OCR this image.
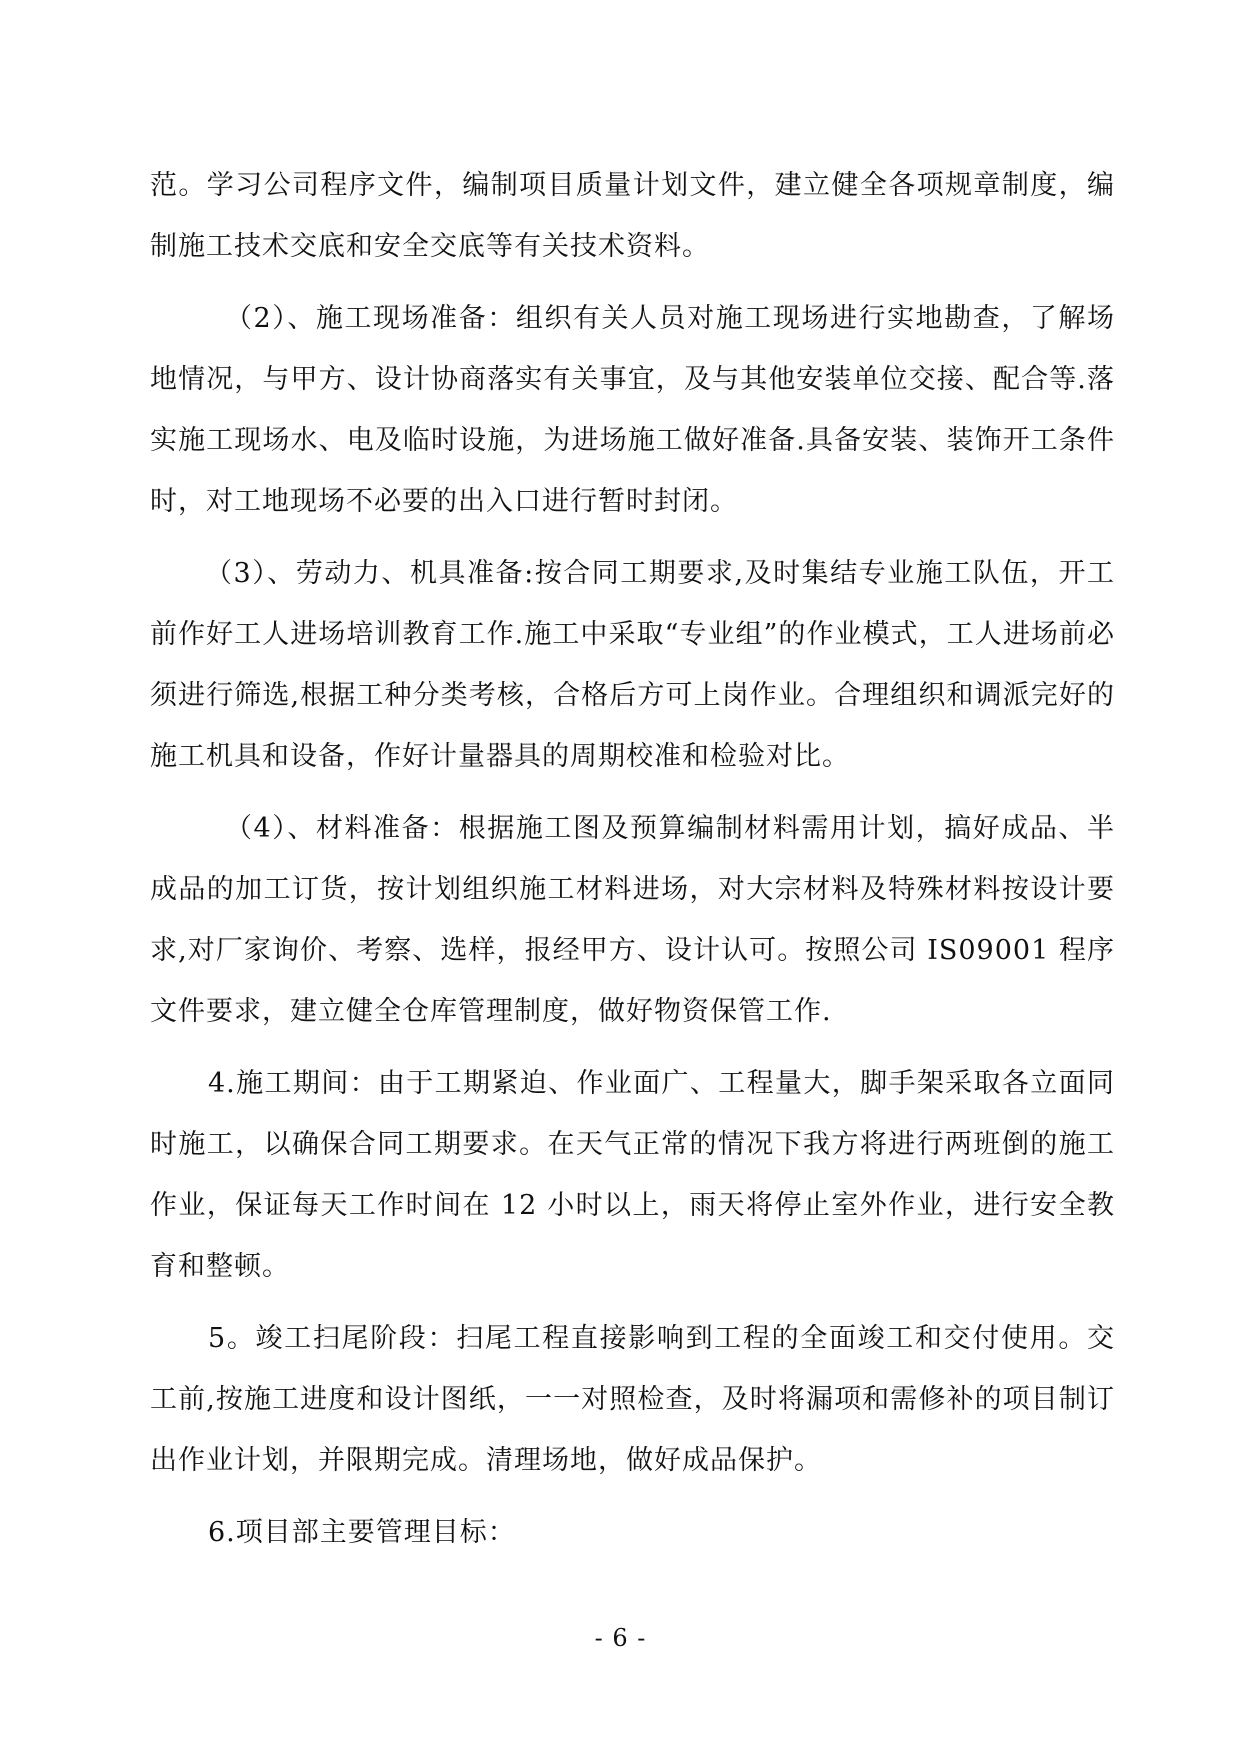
范。学习公司程序文件，编制项目质量计划文件，建立健全各项规章制度，编制施工技术交底和安全交底等有关技术资料。

（2）、施工现场准备：组织有关人员对施工现场进行实地勘查，了解场地情况，与甲方、设计协商落实有关事宜，及与其他安装单位交接、配合等.落实施工现场水、电及临时设施，为进场施工做好准备.具备安装、装饰开工条件时，对工地现场不必要的出入口进行暂时封闭。

（3）、劳动力、机具准备:按合同工期要求,及时集结专业施工队伍，开工前作好工人进场培训教育工作.施工中采取“专业组”的作业模式，工人进场前必须进行筛选,根据工种分类考核，合格后方可上岗作业。合理组织和调派完好的施工机具和设备，作好计量器具的周期校准和检验对比。

（4）、材料准备：根据施工图及预算编制材料需用计划，搞好成品、半成品的加工订货，按计划组织施工材料进场，对大宗材料及特殊材料按设计要求,对厂家询价、考察、选样，报经甲方、设计认可。按照公司 IS09001 程序文件要求，建立健全仓库管理制度，做好物资保管工作.

4.施工期间：由于工期紧迫、作业面广、工程量大，脚手架采取各立面同时施工，以确保合同工期要求。在天气正常的情况下我方将进行两班倒的施工作业，保证每天工作时间在 12 小时以上，雨天将停止室外作业，进行安全教育和整顿。

5。竣工扫尾阶段：扫尾工程直接影响到工程的全面竣工和交付使用。交工前,按施工进度和设计图纸，一一对照检查，及时将漏项和需修补的项目制订出作业计划，并限期完成。清理场地，做好成品保护。

6.项目部主要管理目标：

- 6 -
